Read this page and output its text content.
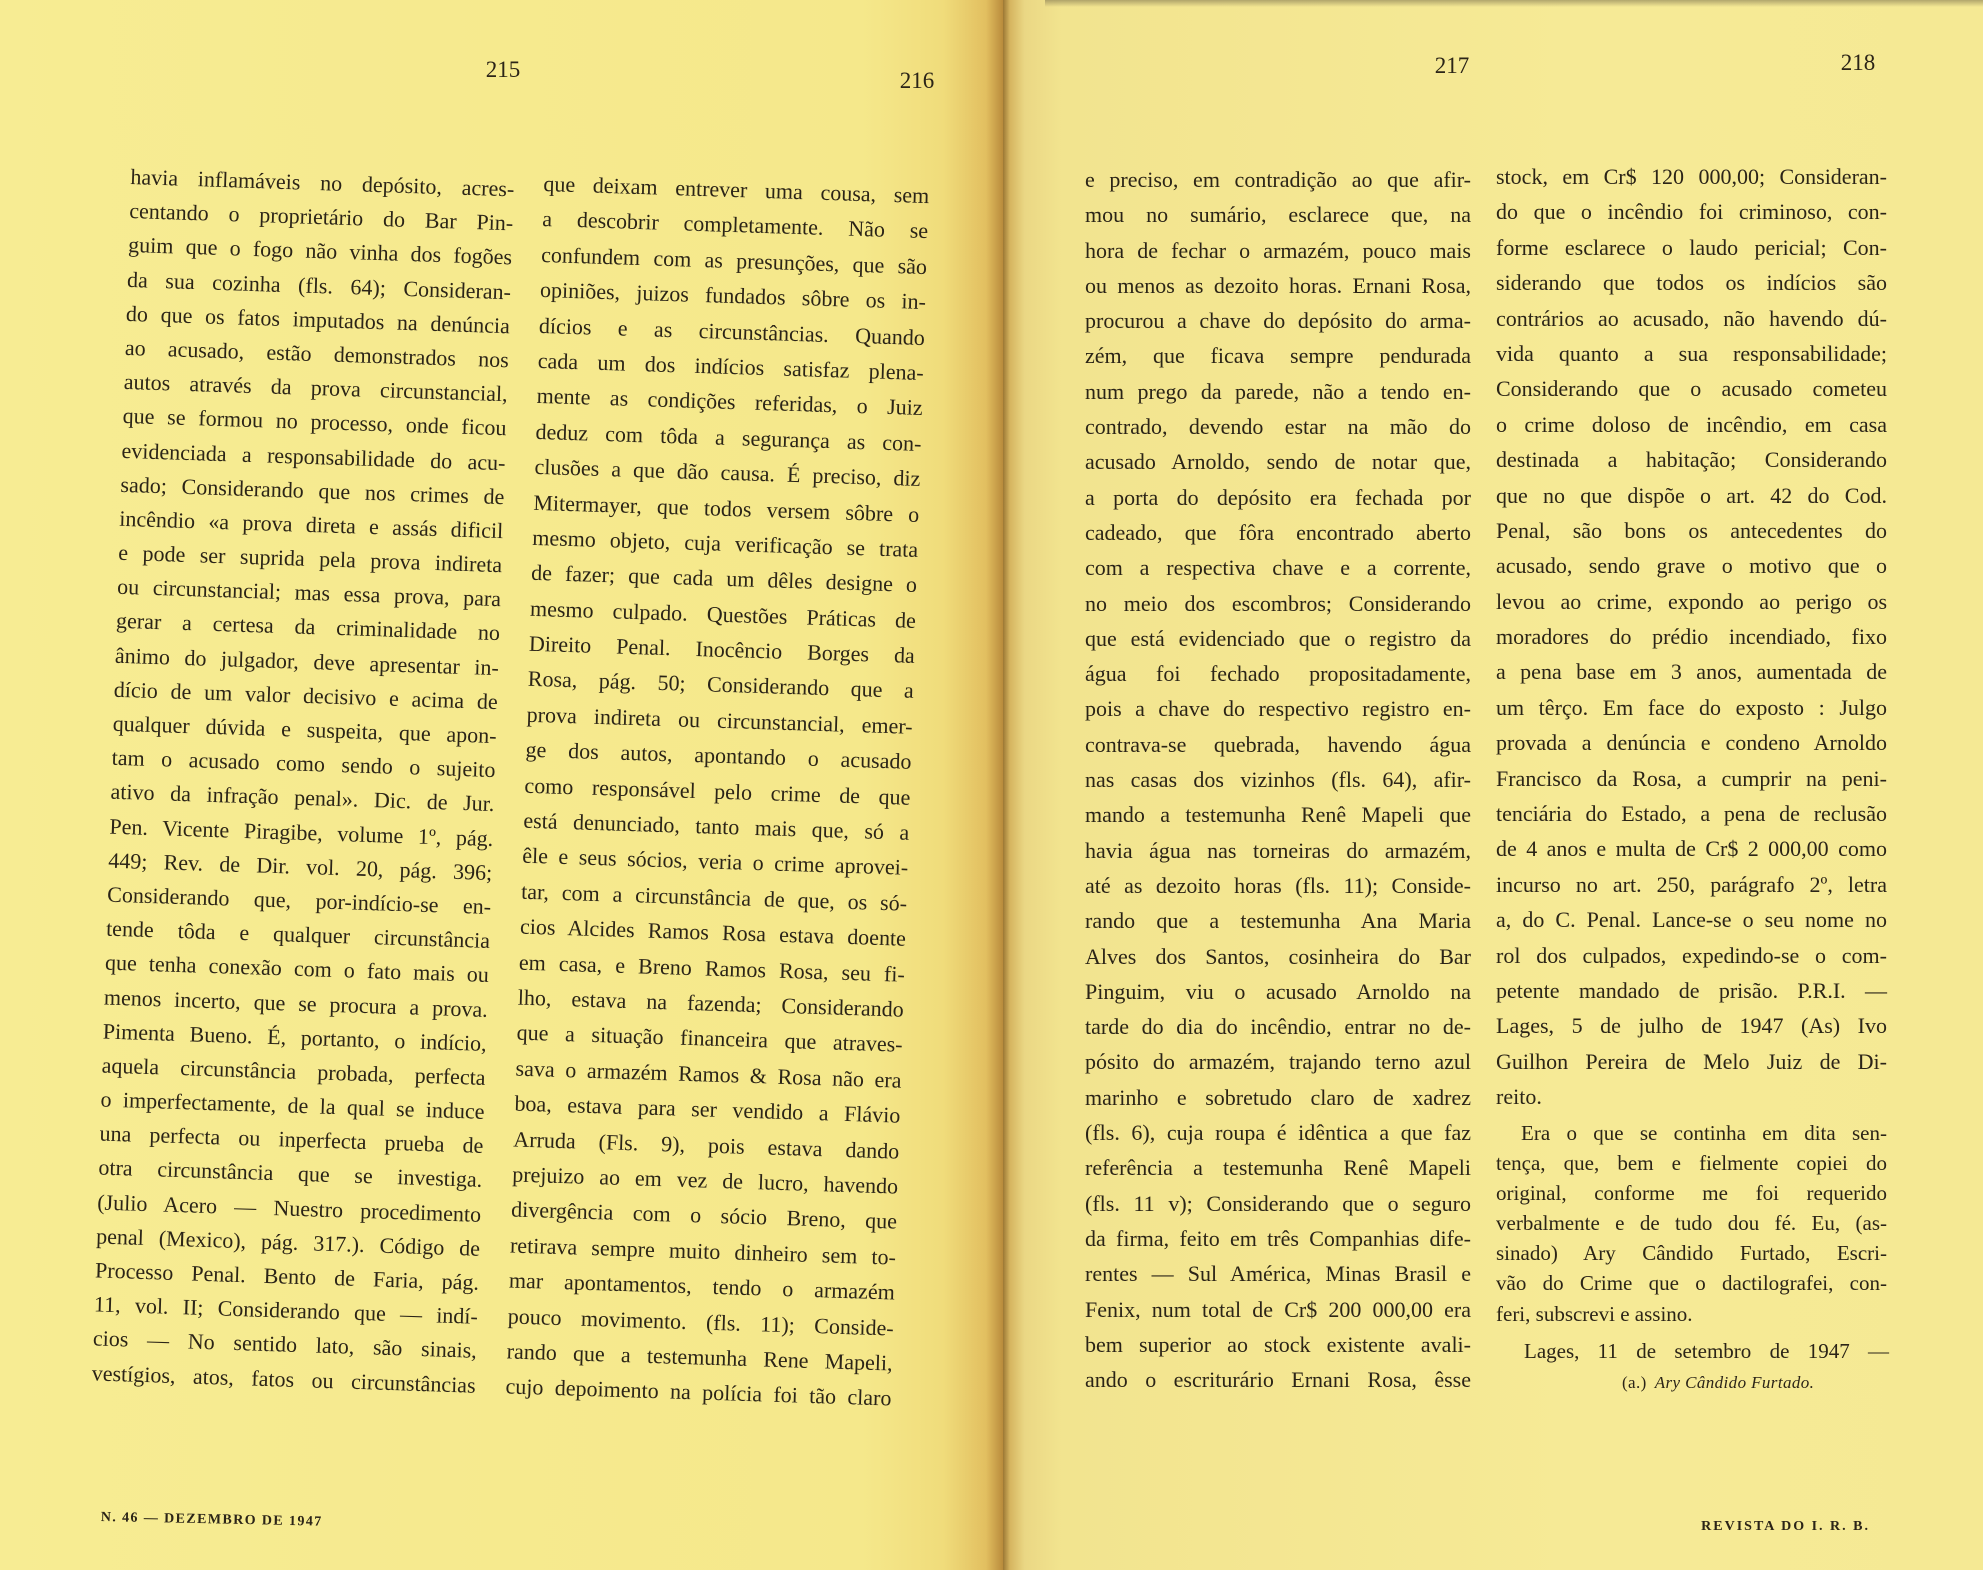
215	216
217	218
havia inflamáveis no depósito, acres-
centando o proprietário do Bar Pin-
guim que o fogo não vinha dos fogões
da sua cozinha (fls. 64); Consideran-
do que os fatos imputados na denúncia
ao acusado, estão demonstrados nos
autos através da prova circunstancial,
que se formou no processo, onde ficou
evidenciada a responsabilidade do acu-
sado; Considerando que nos crimes de
incêndio «a prova direta e assás dificil
e pode ser suprida pela prova indireta
ou circunstancial; mas essa prova, para
gerar a certesa da criminalidade no
ânimo do julgador, deve apresentar in-
dício de um valor decisivo e acima de
qualquer dúvida e suspeita, que apon-
tam o acusado como sendo o sujeito
ativo da infração penal». Dic. de Jur.
Pen. Vicente Piragibe, volume 1º, pág.
449; Rev. de Dir. vol. 20, pág. 396;
Considerando que, por-indício-se en-
tende tôda e qualquer circunstância
que tenha conexão com o fato mais ou
menos incerto, que se procura a prova.
Pimenta Bueno. É, portanto, o indício,
aquela circunstância probada, perfecta
o imperfectamente, de la qual se induce
una perfecta ou inperfecta prueba de
otra circunstância que se investiga.
(Julio Acero — Nuestro procedimento
penal (Mexico), pág. 317.). Código de
Processo Penal. Bento de Faria, pág.
11, vol. II; Considerando que — indí-
cios — No sentido lato, são sinais,
vestígios, atos, fatos ou circunstâncias
que deixam entrever uma cousa, sem
a descobrir completamente. Não se
confundem com as presunções, que são
opiniões, juizos fundados sôbre os in-
dícios e as circunstâncias. Quando
cada um dos indícios satisfaz plena-
mente as condições referidas, o Juiz
deduz com tôda a segurança as con-
clusões a que dão causa. É preciso, diz
Mitermayer, que todos versem sôbre o
mesmo objeto, cuja verificação se trata
de fazer; que cada um dêles designe o
mesmo culpado. Questões Práticas de
Direito Penal. Inocêncio Borges da
Rosa, pág. 50; Considerando que a
prova indireta ou circunstancial, emer-
ge dos autos, apontando o acusado
como responsável pelo crime de que
está denunciado, tanto mais que, só a
êle e seus sócios, veria o crime aprovei-
tar, com a circunstância de que, os só-
cios Alcides Ramos Rosa estava doente
em casa, e Breno Ramos Rosa, seu fi-
lho, estava na fazenda; Considerando
que a situação financeira que atraves-
sava o armazém Ramos & Rosa não era
boa, estava para ser vendido a Flávio
Arruda (Fls. 9), pois estava dando
prejuizo ao em vez de lucro, havendo
divergência com o sócio Breno, que
retirava sempre muito dinheiro sem to-
mar apontamentos, tendo o armazém
pouco movimento. (fls. 11); Conside-
rando que a testemunha Rene Mapeli,
cujo depoimento na polícia foi tão claro
e preciso, em contradição ao que afir-
mou no sumário, esclarece que, na
hora de fechar o armazém, pouco mais
ou menos as dezoito horas. Ernani Rosa,
procurou a chave do depósito do arma-
zém, que ficava sempre pendurada
num prego da parede, não a tendo en-
contrado, devendo estar na mão do
acusado Arnoldo, sendo de notar que,
a porta do depósito era fechada por
cadeado, que fôra encontrado aberto
com a respectiva chave e a corrente,
no meio dos escombros; Considerando
que está evidenciado que o registro da
água foi fechado propositadamente,
pois a chave do respectivo registro en-
contrava-se quebrada, havendo água
nas casas dos vizinhos (fls. 64), afir-
mando a testemunha Renê Mapeli que
havia água nas torneiras do armazém,
até as dezoito horas (fls. 11); Conside-
rando que a testemunha Ana Maria
Alves dos Santos, cosinheira do Bar
Pinguim, viu o acusado Arnoldo na
tarde do dia do incêndio, entrar no de-
pósito do armazém, trajando terno azul
marinho e sobretudo claro de xadrez
(fls. 6), cuja roupa é idêntica a que faz
referência a testemunha Renê Mapeli
(fls. 11 v); Considerando que o seguro
da firma, feito em três Companhias dife-
rentes — Sul América, Minas Brasil e
Fenix, num total de Cr$ 200 000,00 era
bem superior ao stock existente avali-
ando o escriturário Ernani Rosa, êsse
stock, em Cr$ 120 000,00; Consideran-
do que o incêndio foi criminoso, con-
forme esclarece o laudo pericial; Con-
siderando que todos os indícios são
contrários ao acusado, não havendo dú-
vida quanto a sua responsabilidade;
Considerando que o acusado cometeu
o crime doloso de incêndio, em casa
destinada a habitação; Considerando
que no que dispõe o art. 42 do Cod.
Penal, são bons os antecedentes do
acusado, sendo grave o motivo que o
levou ao crime, expondo ao perigo os
moradores do prédio incendiado, fixo
a pena base em 3 anos, aumentada de
um têrço. Em face do exposto : Julgo
provada a denúncia e condeno Arnoldo
Francisco da Rosa, a cumprir na peni-
tenciária do Estado, a pena de reclusão
de 4 anos e multa de Cr$ 2 000,00 como
incurso no art. 250, parágrafo 2º, letra
a, do C. Penal. Lance-se o seu nome no
rol dos culpados, expedindo-se o com-
petente mandado de prisão. P.R.I. —
Lages, 5 de julho de 1947 (As) Ivo
Guilhon Pereira de Melo Juiz de Di-
reito.
Era o que se continha em dita sen-
tença, que, bem e fielmente copiei do
original, conforme me foi requerido
verbalmente e de tudo dou fé. Eu, (as-
sinado) Ary Cândido Furtado, Escri-
vão do Crime que o dactilografei, con-
feri, subscrevi e assino.
Lages, 11 de setembro de 1947 —
(a.) Ary Cândido Furtado.
N. 46 — DEZEMBRO DE 1947	REVISTA DO I. R. B.
